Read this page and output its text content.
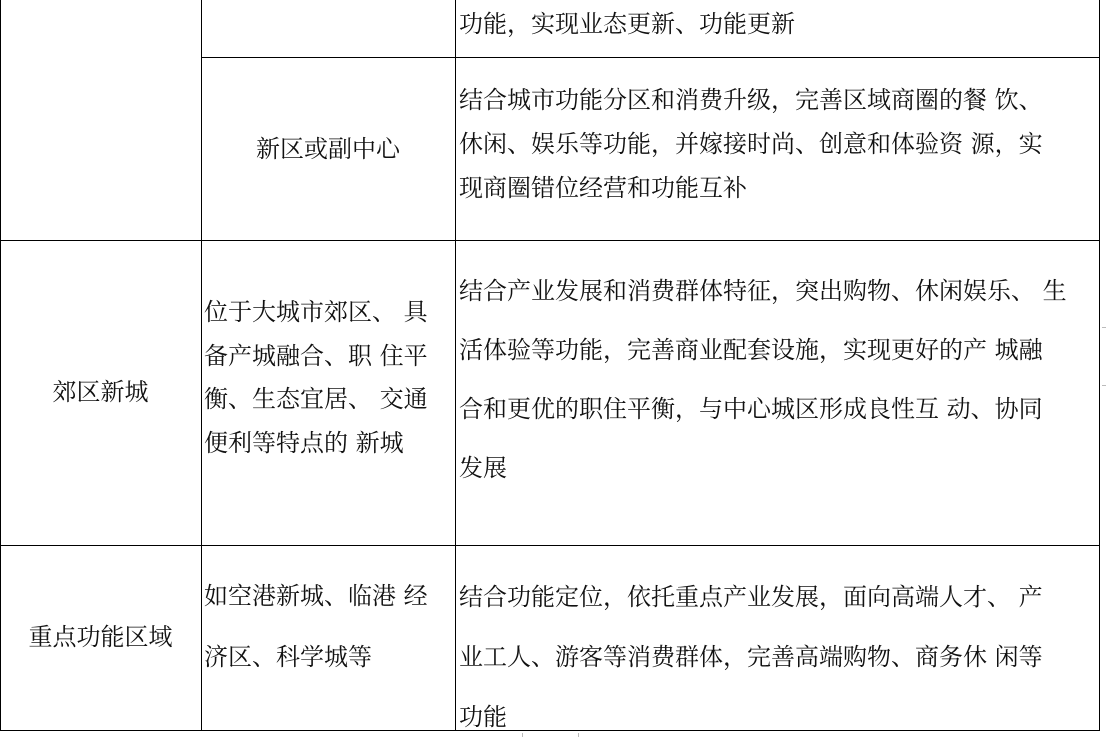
功能，实现业态更新、功能更新
新区或副中心
结合城市功能分区和消费升级，完善区域商圈的餐 饮、
休闲、娱乐等功能，并嫁接时尚、创意和体验资 源，实
现商圈错位经营和功能互补
郊区新城
位于大城市郊区、 具
备产城融合、职 住平
衡、生态宜居、 交通
便利等特点的 新城
结合产业发展和消费群体特征，突出购物、休闲娱乐、 生
活体验等功能，完善商业配套设施，实现更好的产 城融
合和更优的职住平衡，与中心城区形成良性互 动、协同
发展
重点功能区域
如空港新城、临港 经
济区、科学城等
结合功能定位，依托重点产业发展，面向高端人才、 产
业工人、游客等消费群体，完善高端购物、商务休 闲等
功能
